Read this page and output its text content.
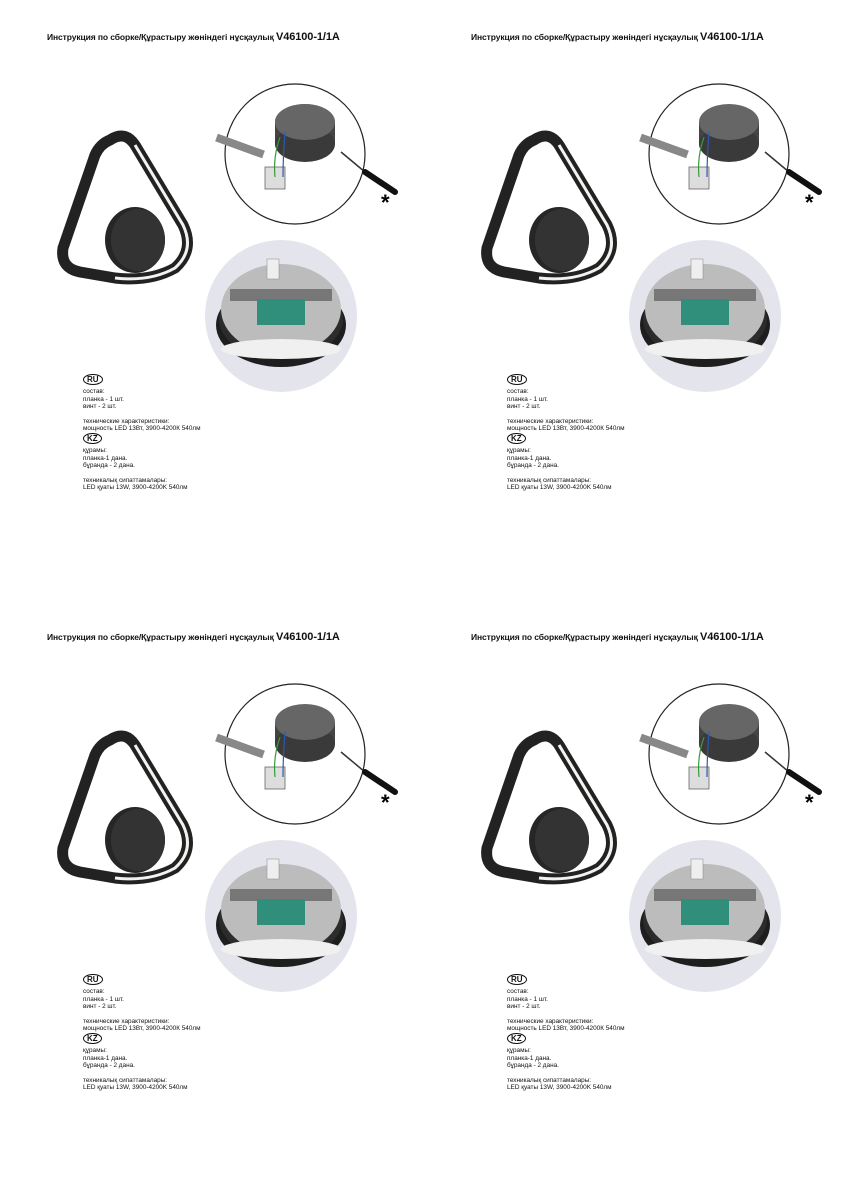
Инструкция по сборке/Құрастыру жөніндегі нұсқаулық V46100-1/1A
*
RU
состав:
планка - 1 шт.
винт - 2 шт.
технические характеристики:
мощность LED 13Вт, 3900-4200К 540лм
KZ
құрамы:
планка-1 дана.
бұранда - 2 дана.
техникалық сипаттамалары:
LED қуаты 13W, 3900-4200K 540лм
Инструкция по сборке/Құрастыру жөніндегі нұсқаулық V46100-1/1A
*
RU
состав:
планка - 1 шт.
винт - 2 шт.
технические характеристики:
мощность LED 13Вт, 3900-4200К 540лм
KZ
құрамы:
планка-1 дана.
бұранда - 2 дана.
техникалық сипаттамалары:
LED қуаты 13W, 3900-4200K 540лм
Инструкция по сборке/Құрастыру жөніндегі нұсқаулық V46100-1/1A
*
RU
состав:
планка - 1 шт.
винт - 2 шт.
технические характеристики:
мощность LED 13Вт, 3900-4200К 540лм
KZ
құрамы:
планка-1 дана.
бұранда - 2 дана.
техникалық сипаттамалары:
LED қуаты 13W, 3900-4200K 540лм
Инструкция по сборке/Құрастыру жөніндегі нұсқаулық V46100-1/1A
*
RU
состав:
планка - 1 шт.
винт - 2 шт.
технические характеристики:
мощность LED 13Вт, 3900-4200К 540лм
KZ
құрамы:
планка-1 дана.
бұранда - 2 дана.
техникалық сипаттамалары:
LED қуаты 13W, 3900-4200K 540лм
